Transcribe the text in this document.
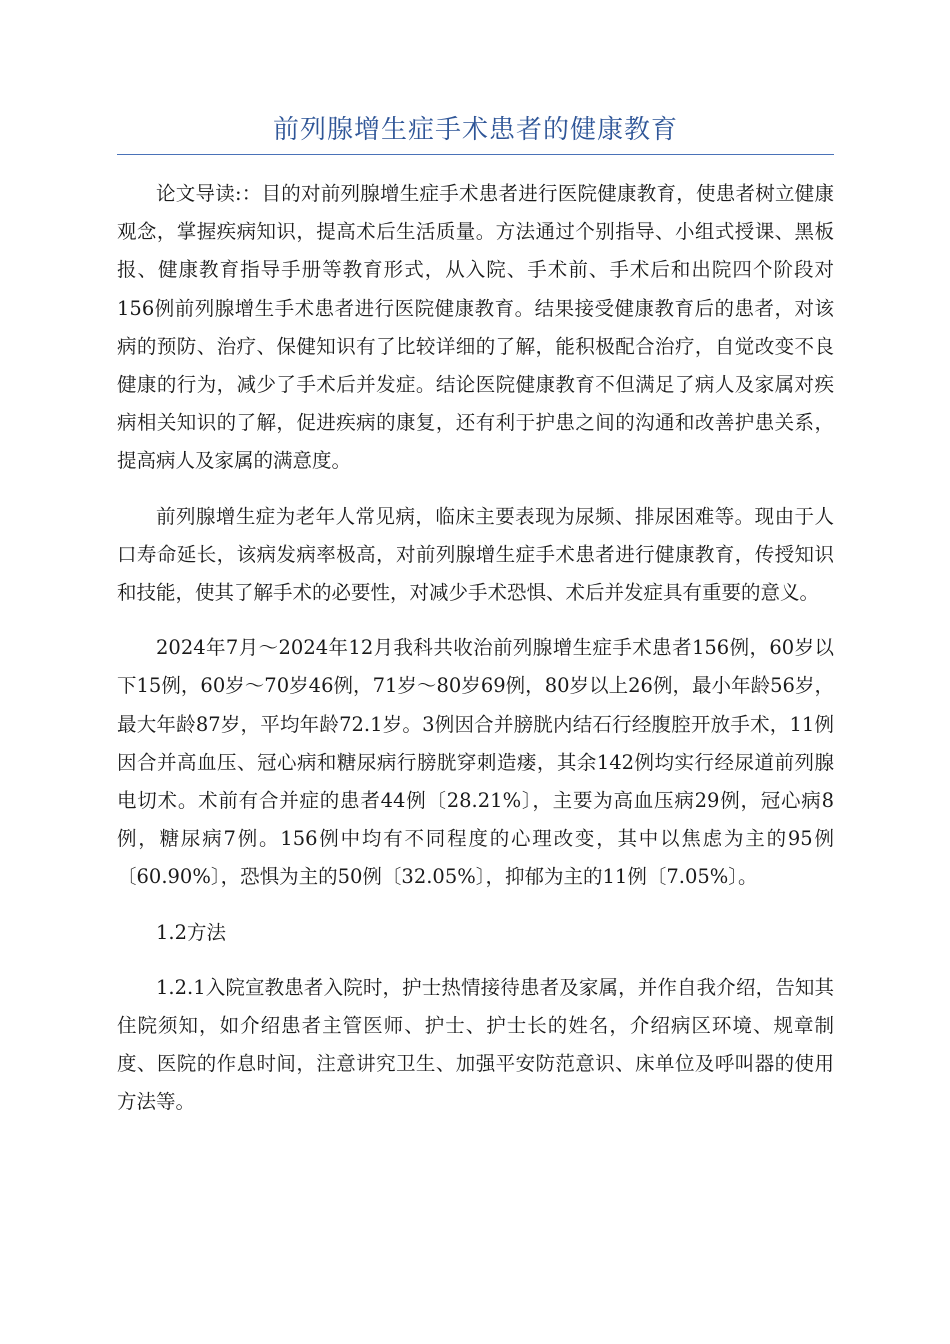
前列腺增生症手术患者的健康教育

论文导读:：目的对前列腺增生症手术患者进行医院健康教育，使患者树立健康观念，掌握疾病知识，提高术后生活质量。方法通过个别指导、小组式授课、黑板报、健康教育指导手册等教育形式，从入院、手术前、手术后和出院四个阶段对156例前列腺增生手术患者进行医院健康教育。结果接受健康教育后的患者，对该病的预防、治疗、保健知识有了比较详细的了解，能积极配合治疗，自觉改变不良健康的行为，减少了手术后并发症。结论医院健康教育不但满足了病人及家属对疾病相关知识的了解，促进疾病的康复，还有利于护患之间的沟通和改善护患关系，提高病人及家属的满意度。

前列腺增生症为老年人常见病，临床主要表现为尿频、排尿困难等。现由于人口寿命延长，该病发病率极高，对前列腺增生症手术患者进行健康教育，传授知识和技能，使其了解手术的必要性，对减少手术恐惧、术后并发症具有重要的意义。

2024年7月～2024年12月我科共收治前列腺增生症手术患者156例，60岁以下15例，60岁～70岁46例，71岁～80岁69例，80岁以上26例，最小年龄56岁，最大年龄87岁，平均年龄72.1岁。3例因合并膀胱内结石行经腹腔开放手术，11例因合并高血压、冠心病和糖尿病行膀胱穿刺造瘘，其余142例均实行经尿道前列腺电切术。术前有合并症的患者44例〔28.21%〕，主要为高血压病29例，冠心病8例，糖尿病7例。156例中均有不同程度的心理改变，其中以焦虑为主的95例〔60.90%〕，恐惧为主的50例〔32.05%〕，抑郁为主的11例〔7.05%〕。

1.2方法

1.2.1入院宣教患者入院时，护士热情接待患者及家属，并作自我介绍，告知其住院须知，如介绍患者主管医师、护士、护士长的姓名，介绍病区环境、规章制度、医院的作息时间，注意讲究卫生、加强平安防范意识、床单位及呼叫器的使用方法等。
